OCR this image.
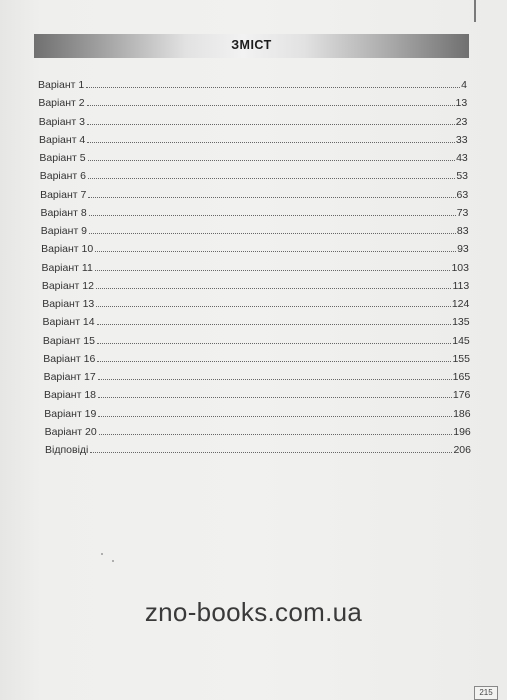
ЗМІСТ
Варіант 1	4
Варіант 2	13
Варіант 3	23
Варіант 4	33
Варіант 5	43
Варіант 6	53
Варіант 7	63
Варіант 8	73
Варіант 9	83
Варіант 10	93
Варіант 11	103
Варіант 12	113
Варіант 13	124
Варіант 14	135
Варіант 15	145
Варіант 16	155
Варіант 17	165
Варіант 18	176
Варіант 19	186
Варіант 20	196
Відповіді	206
zno-books.com.ua
215
